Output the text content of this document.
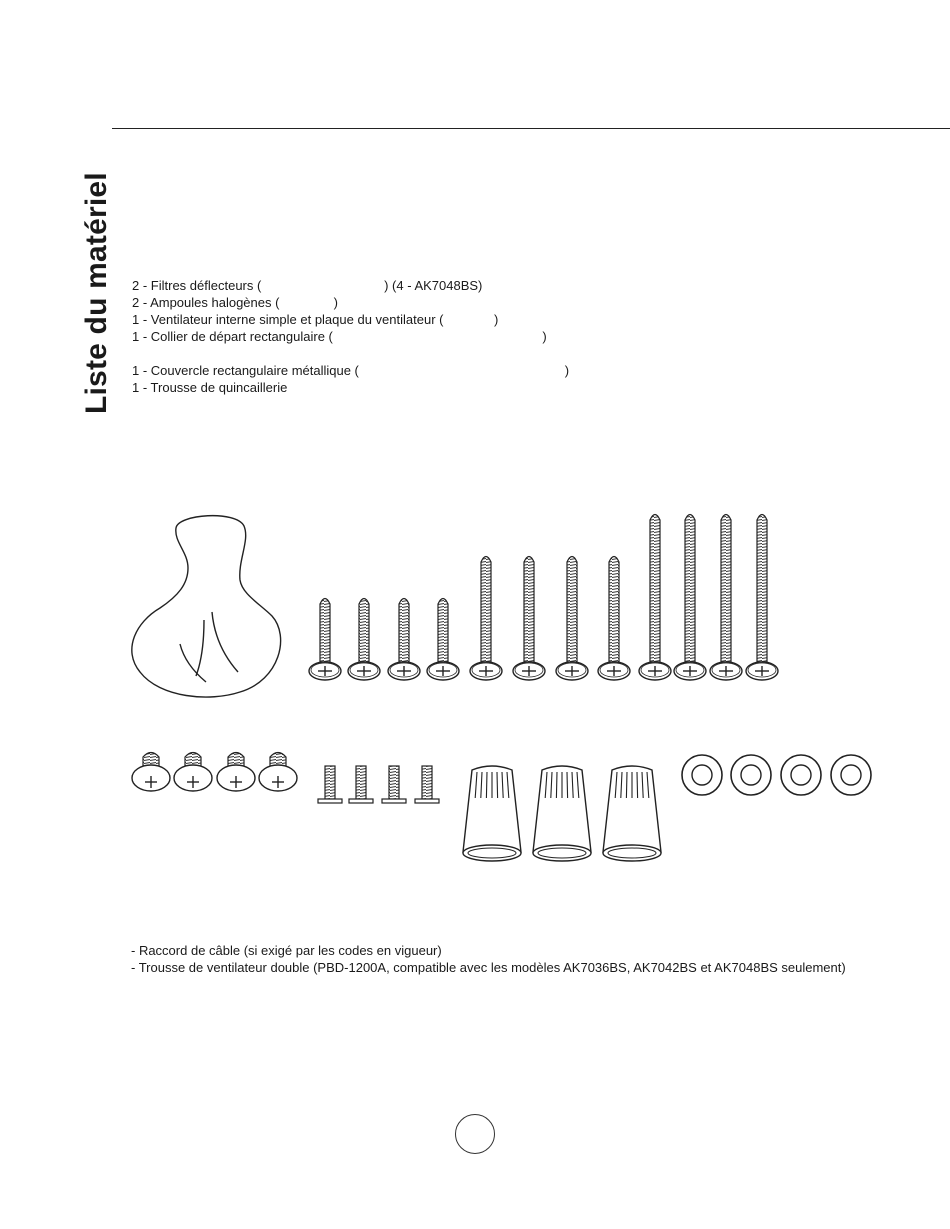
Liste du matériel 2 - Filtres déflecteurs (                                  ) (4 - AK7048BS)
2 - Ampoules halogènes (               )
1 - Ventilateur interne simple et plaque du ventilateur (              )
1 - Collier de départ rectangulaire (                                                          )
1 - Couvercle rectangulaire métallique (                                                         )
1 - Trousse de quincaillerie
- Raccord de câble (si exigé par les codes en vigueur)
- Trousse de ventilateur double (PBD-1200A, compatible avec les modèles AK7036BS, AK7042BS et AK7048BS seulement)
